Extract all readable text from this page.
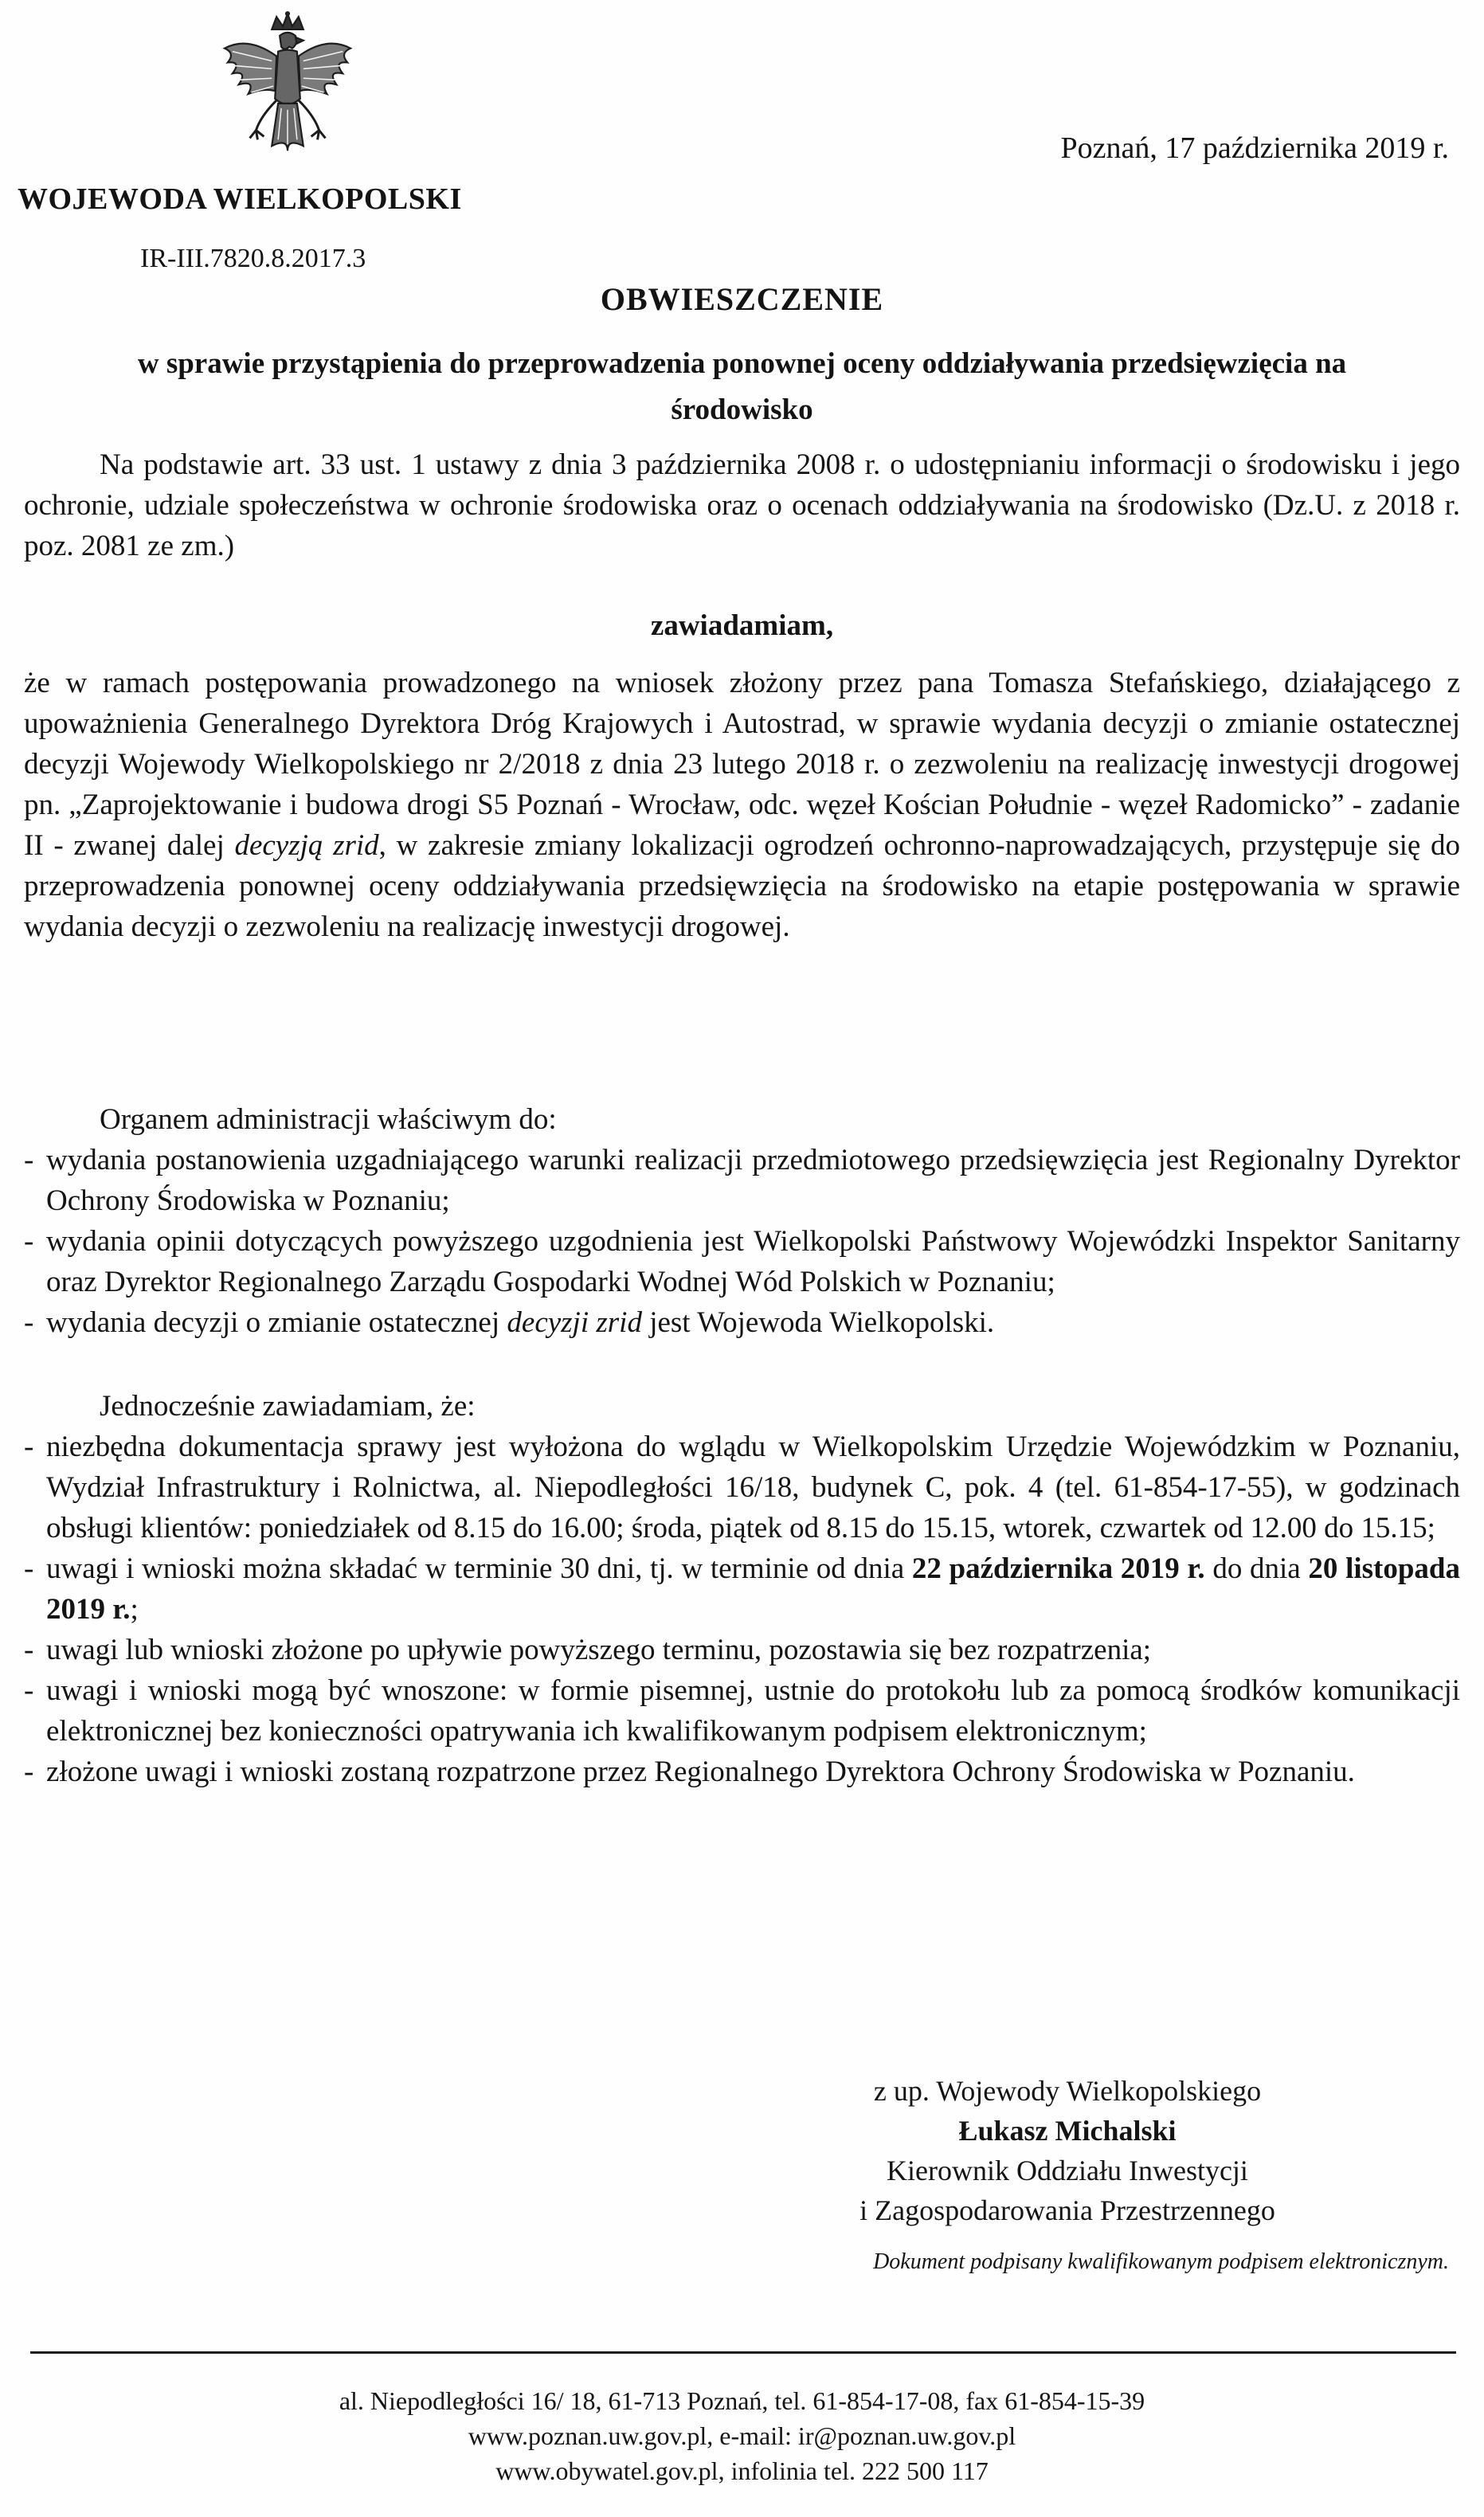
WOJEWODA WIELKOPOLSKI
IR-III.7820.8.2017.3
Poznań, 17 października 2019 r.
OBWIESZCZENIE
w sprawie przystąpienia do przeprowadzenia ponownej oceny oddziaływania przedsięwzięcia na środowisko

Na podstawie art. 33 ust. 1 ustawy z dnia 3 października 2008 r. o udostępnianiu informacji o środowisku i jego ochronie, udziale społeczeństwa w ochronie środowiska oraz o ocenach oddziaływania na środowisko (Dz.U. z 2018 r. poz. 2081 ze zm.)

zawiadamiam,

że w ramach postępowania prowadzonego na wniosek złożony przez pana Tomasza Stefańskiego, działającego z upoważnienia Generalnego Dyrektora Dróg Krajowych i Autostrad, w sprawie wydania decyzji o zmianie ostatecznej decyzji Wojewody Wielkopolskiego nr 2/2018 z dnia 23 lutego 2018 r. o zezwoleniu na realizację inwestycji drogowej pn. „Zaprojektowanie i budowa drogi S5 Poznań - Wrocław, odc. węzeł Kościan Południe - węzeł Radomicko” - zadanie II - zwanej dalej decyzją zrid, w zakresie zmiany lokalizacji ogrodzeń ochronno-naprowadzających, przystępuje się do przeprowadzenia ponownej oceny oddziaływania przedsięwzięcia na środowisko na etapie postępowania w sprawie wydania decyzji o zezwoleniu na realizację inwestycji drogowej.

Organem administracji właściwym do:

- wydania postanowienia uzgadniającego warunki realizacji przedmiotowego przedsięwzięcia jest Regionalny Dyrektor Ochrony Środowiska w Poznaniu;
- wydania opinii dotyczących powyższego uzgodnienia jest Wielkopolski Państwowy Wojewódzki Inspektor Sanitarny oraz Dyrektor Regionalnego Zarządu Gospodarki Wodnej Wód Polskich w Poznaniu;
- wydania decyzji o zmianie ostatecznej decyzji zrid jest Wojewoda Wielkopolski.

Jednocześnie zawiadamiam, że:

- niezbędna dokumentacja sprawy jest wyłożona do wglądu w Wielkopolskim Urzędzie Wojewódzkim w Poznaniu, Wydział Infrastruktury i Rolnictwa, al. Niepodległości 16/18, budynek C, pok. 4 (tel. 61-854-17-55), w godzinach obsługi klientów: poniedziałek od 8.15 do 16.00; środa, piątek od 8.15 do 15.15, wtorek, czwartek od 12.00 do 15.15;
- uwagi i wnioski można składać w terminie 30 dni, tj. w terminie od dnia 22 października 2019 r. do dnia 20 listopada 2019 r.;
- uwagi lub wnioski złożone po upływie powyższego terminu, pozostawia się bez rozpatrzenia;
- uwagi i wnioski mogą być wnoszone: w formie pisemnej, ustnie do protokołu lub za pomocą środków komunikacji elektronicznej bez konieczności opatrywania ich kwalifikowanym podpisem elektronicznym;
- złożone uwagi i wnioski zostaną rozpatrzone przez Regionalnego Dyrektora Ochrony Środowiska w Poznaniu.
z up. Wojewody Wielkopolskiego
Łukasz Michalski
Kierownik Oddziału Inwestycji
i Zagospodarowania Przestrzennego
Dokument podpisany kwalifikowanym podpisem elektronicznym.
al. Niepodległości 16/ 18, 61-713 Poznań, tel. 61-854-17-08, fax 61-854-15-39
www.poznan.uw.gov.pl, e-mail: ir@poznan.uw.gov.pl
www.obywatel.gov.pl, infolinia tel. 222 500 117
